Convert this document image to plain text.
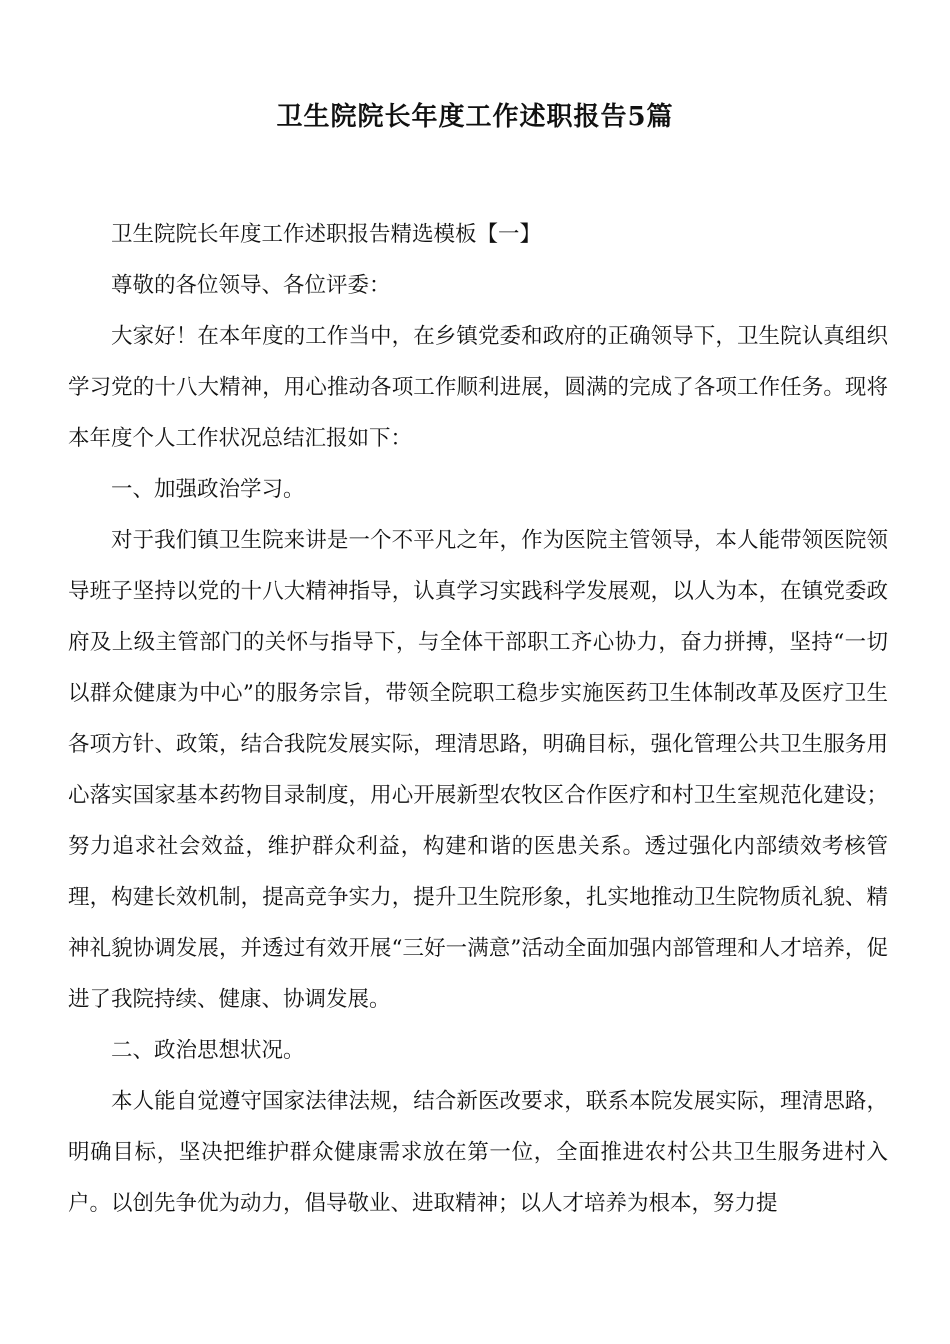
卫生院院长年度工作述职报告5篇

卫生院院长年度工作述职报告精选模板【一】

尊敬的各位领导、各位评委：

大家好！在本年度的工作当中，在乡镇党委和政府的正确领导下，卫生院认真组织学习党的十八大精神，用心推动各项工作顺利进展，圆满的完成了各项工作任务。现将本年度个人工作状况总结汇报如下：

一、加强政治学习。

对于我们镇卫生院来讲是一个不平凡之年，作为医院主管领导，本人能带领医院领导班子坚持以党的十八大精神指导，认真学习实践科学发展观，以人为本，在镇党委政府及上级主管部门的关怀与指导下，与全体干部职工齐心协力，奋力拼搏，坚持“一切以群众健康为中心”的服务宗旨，带领全院职工稳步实施医药卫生体制改革及医疗卫生各项方针、政策，结合我院发展实际，理清思路，明确目标，强化管理公共卫生服务用心落实国家基本药物目录制度，用心开展新型农牧区合作医疗和村卫生室规范化建设；努力追求社会效益，维护群众利益，构建和谐的医患关系。透过强化内部绩效考核管理，构建长效机制，提高竞争实力，提升卫生院形象，扎实地推动卫生院物质礼貌、精神礼貌协调发展，并透过有效开展“三好一满意”活动全面加强内部管理和人才培养，促进了我院持续、健康、协调发展。

二、政治思想状况。

本人能自觉遵守国家法律法规，结合新医改要求，联系本院发展实际，理清思路，明确目标，坚决把维护群众健康需求放在第一位，全面推进农村公共卫生服务进村入户。以创先争优为动力，倡导敬业、进取精神；以人才培养为根本，努力提
